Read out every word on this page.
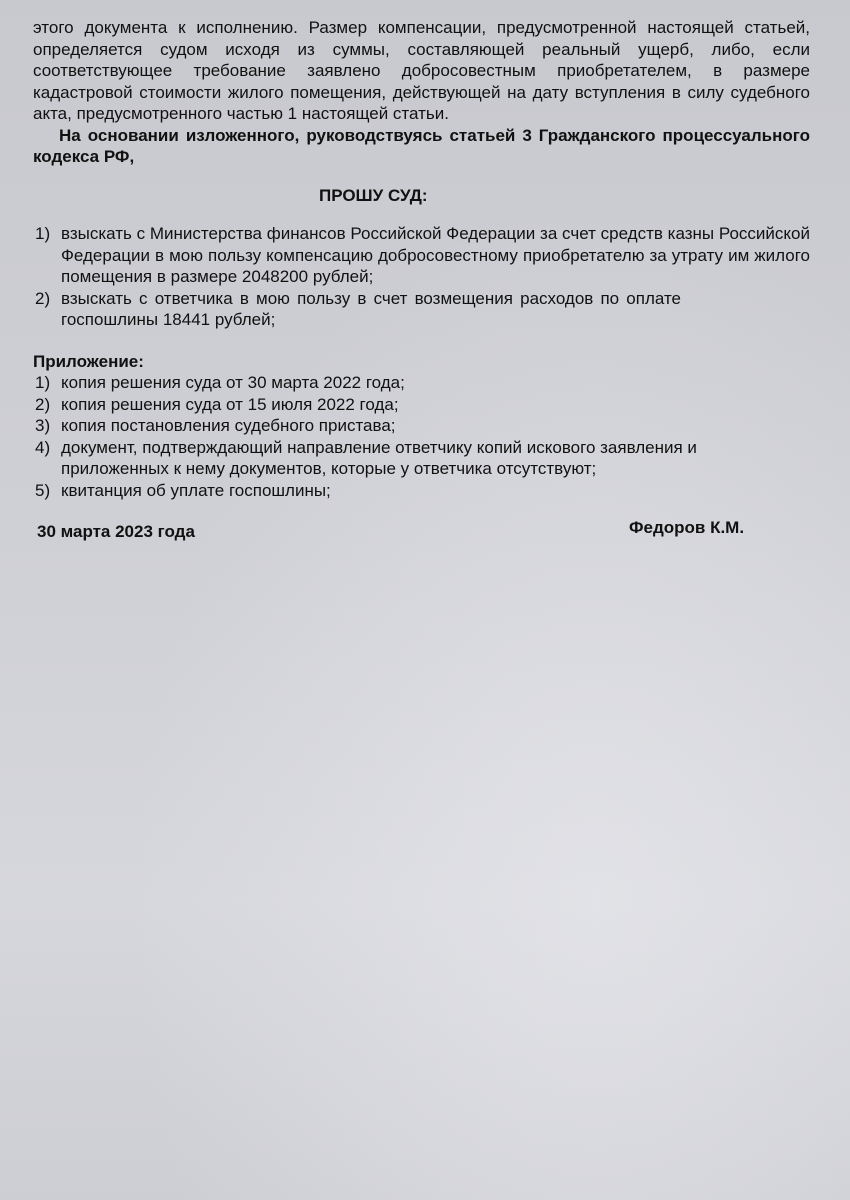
этого документа к исполнению. Размер компенсации, предусмотренной настоящей статьей, определяется судом исходя из суммы, составляющей реальный ущерб, либо, если соответствующее требование заявлено добросовестным приобретателем, в размере кадастровой стоимости жилого помещения, действующей на дату вступления в силу судебного акта, предусмотренного частью 1 настоящей статьи.

На основании изложенного, руководствуясь статьей 3 Гражданского процессуального кодекса РФ,

ПРОШУ СУД:
1) взыскать с Министерства финансов Российской Федерации за счет средств казны Российской Федерации в мою пользу компенсацию добросовестному приобретателю за утрату им жилого помещения в размере 2048200 рублей;
2) взыскать с ответчика в мою пользу в счет возмещения расходов по оплате госпошлины 18441 рублей;
Приложение:
1) копия решения суда от 30 марта 2022 года;
2) копия решения суда от 15 июля 2022 года;
3) копия постановления судебного пристава;
4) документ, подтверждающий направление ответчику копий искового заявления и приложенных к нему документов, которые у ответчика отсутствуют;
5) квитанция об уплате госпошлины;
30 марта 2023 года	Федоров К.М.
